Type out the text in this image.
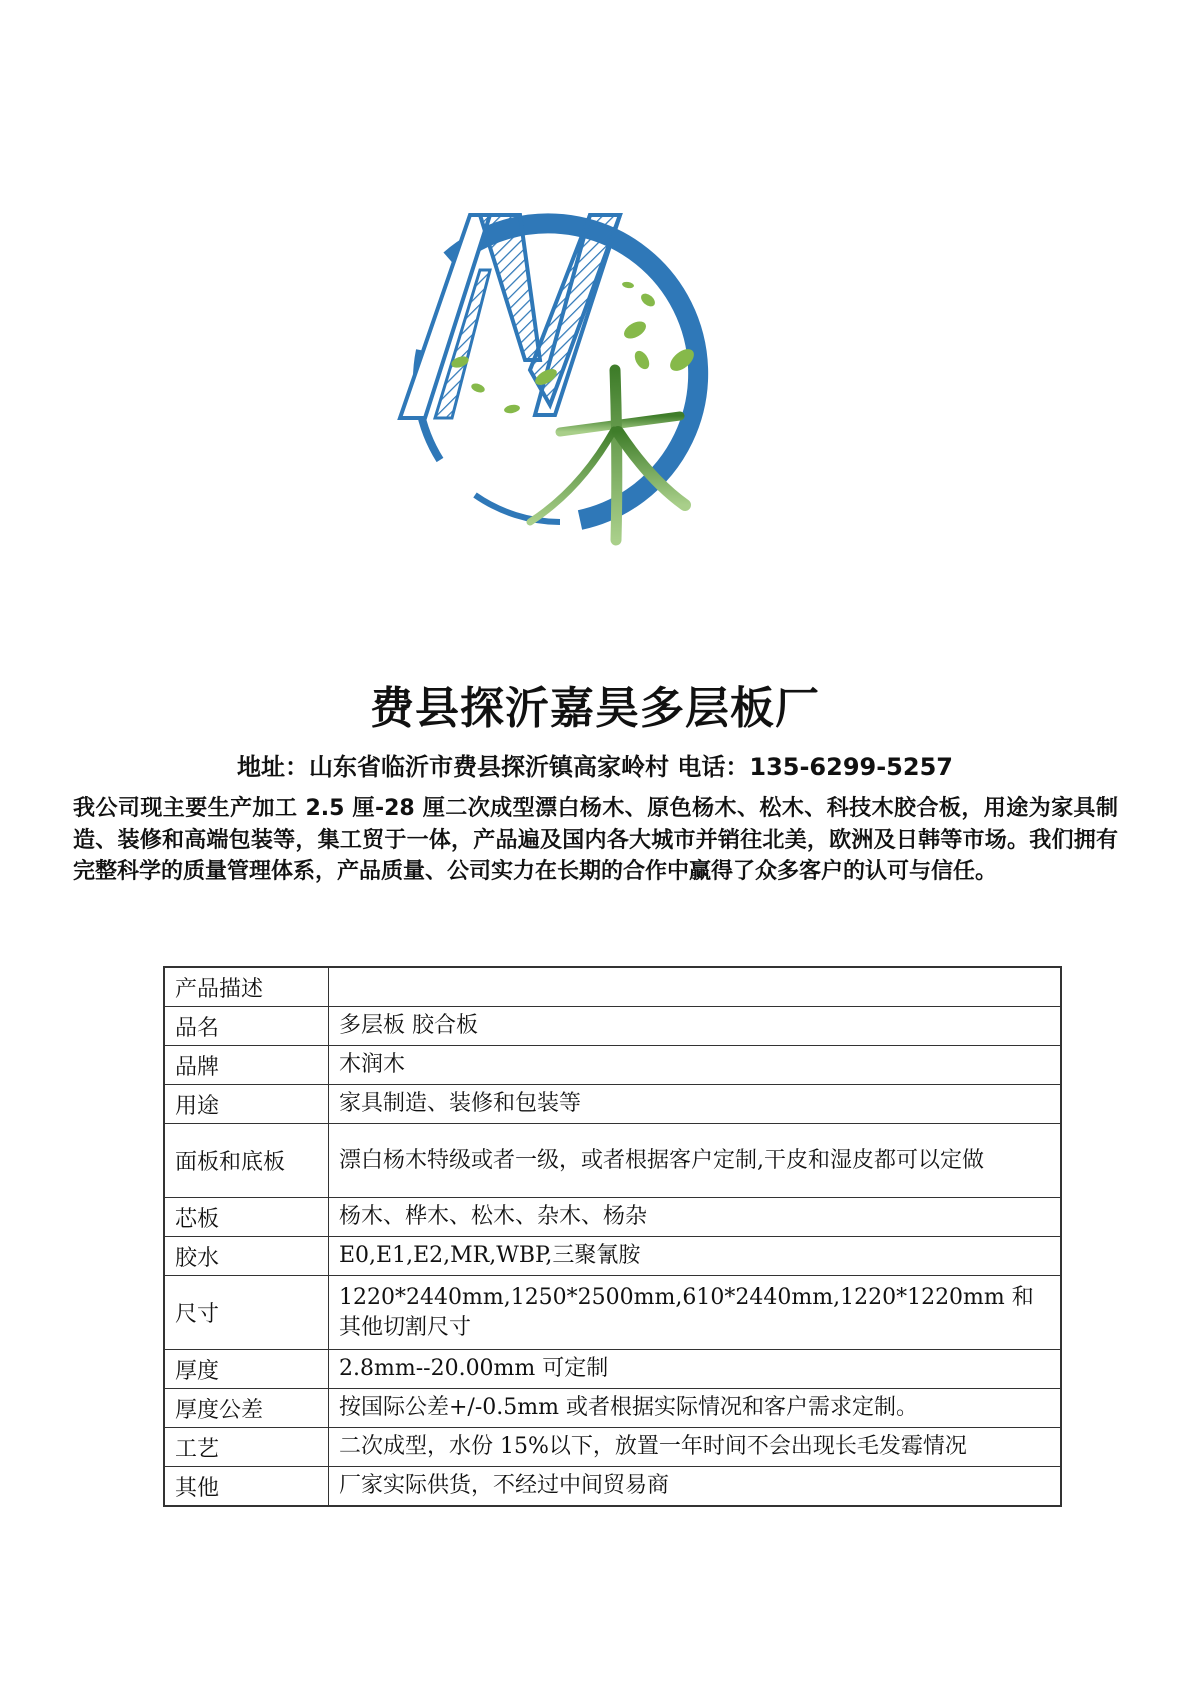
费县探沂嘉昊多层板厂
地址：山东省临沂市费县探沂镇高家岭村 电话：135-6299-5257
我公司现主要生产加工 2.5 厘-28 厘二次成型漂白杨木、原色杨木、松木、科技木胶合板，用途为家具制造、装修和高端包装等，集工贸于一体，产品遍及国内各大城市并销往北美，欧洲及日韩等市场。我们拥有完整科学的质量管理体系，产品质量、公司实力在长期的合作中赢得了众多客户的认可与信任。
产品描述	
品名	多层板 胶合板
品牌	木润木
用途	家具制造、装修和包装等
面板和底板	漂白杨木特级或者一级，或者根据客户定制,干皮和湿皮都可以定做
芯板	杨木、桦木、松木、杂木、杨杂
胶水	E0,E1,E2,MR,WBP,三聚氰胺
尺寸	1220*2440mm,1250*2500mm,610*2440mm,1220*1220mm 和其他切割尺寸
厚度	2.8mm--20.00mm 可定制
厚度公差	按国际公差+/-0.5mm 或者根据实际情况和客户需求定制。
工艺	二次成型，水份 15%以下，放置一年时间不会出现长毛发霉情况
其他	厂家实际供货，不经过中间贸易商
